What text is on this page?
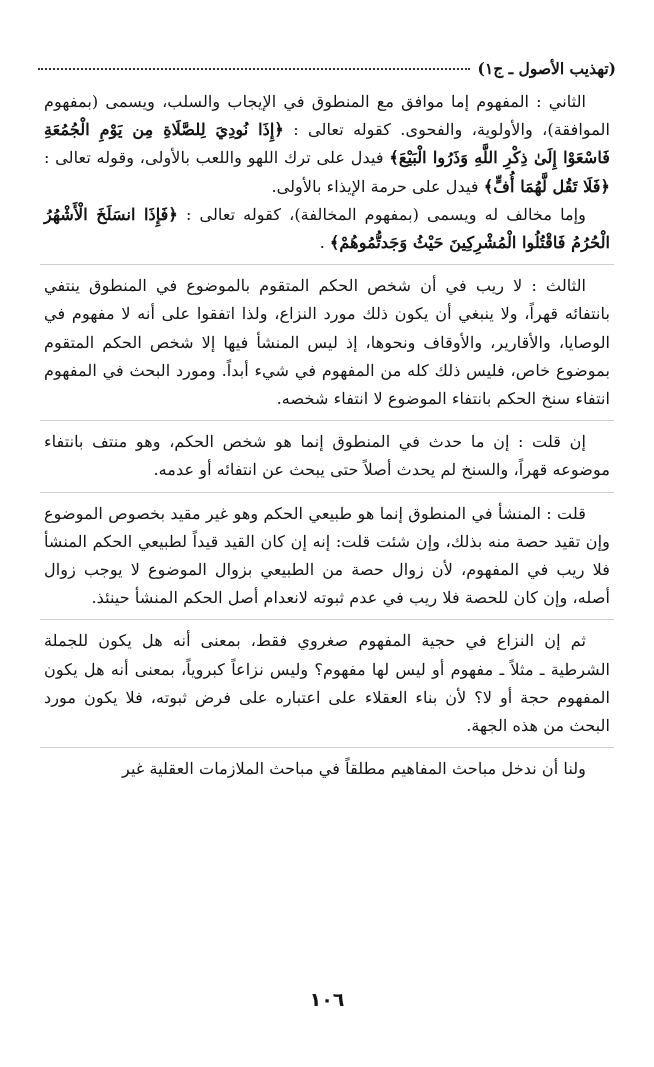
(تهذيب الأصول ـ ج١)

الثاني : المفهوم إما موافق مع المنطوق في الإيجاب والسلب، ويسمى (بمفهوم الموافقة)، والأولوية، والفحوى. كقوله تعالى : ﴿إِذَا نُودِيَ لِلصَّلَاةِ مِن يَوْمِ الْجُمُعَةِ فَاسْعَوْا إِلَىٰ ذِكْرِ اللَّهِ وَذَرُوا الْبَيْعَ﴾ فيدل على ترك اللهو واللعب بالأولى، وقوله تعالى : ﴿فَلَا تَقُل لَّهُمَا أُفٍّ﴾ فيدل على حرمة الإيذاء بالأولى.

وإما مخالف له ويسمى (بمفهوم المخالفة)، كقوله تعالى : ﴿فَإِذَا انسَلَخَ الْأَشْهُرُ الْحُرُمُ فَاقْتُلُوا الْمُشْرِكِينَ حَيْثُ وَجَدتُّمُوهُمْ﴾ .

الثالث : لا ريب في أن شخص الحكم المتقوم بالموضوع في المنطوق ينتفي بانتفائه قهراً، ولا ينبغي أن يكون ذلك مورد النزاع، ولذا اتفقوا على أنه لا مفهوم في الوصايا، والأقارير، والأوقاف ونحوها، إذ ليس المنشأ فيها إلا شخص الحكم المتقوم بموضوع خاص، فليس ذلك كله من المفهوم في شيء أبداً. ومورد البحث في المفهوم انتفاء سنخ الحكم بانتفاء الموضوع لا انتفاء شخصه.

إن قلت : إن ما حدث في المنطوق إنما هو شخص الحكم، وهو منتف بانتفاء موضوعه قهراً، والسنخ لم يحدث أصلاً حتى يبحث عن انتفائه أو عدمه.

قلت : المنشأ في المنطوق إنما هو طبيعي الحكم وهو غير مقيد بخصوص الموضوع وإن تقيد حصة منه بذلك، وإن شئت قلت: إنه إن كان القيد قيداً لطبيعي الحكم المنشأ فلا ريب في المفهوم، لأن زوال حصة من الطبيعي بزوال الموضوع لا يوجب زوال أصله، وإن كان للحصة فلا ريب في عدم ثبوته لانعدام أصل الحكم المنشأ حينئذ.

ثم إن النزاع في حجية المفهوم صغروي فقط، بمعنى أنه هل يكون للجملة الشرطية ـ مثلاً ـ مفهوم أو ليس لها مفهوم؟ وليس نزاعاً كبروياً، بمعنى أنه هل يكون المفهوم حجة أو لا؟ لأن بناء العقلاء على اعتباره على فرض ثبوته، فلا يكون مورد البحث من هذه الجهة.

ولنا أن ندخل مباحث المفاهيم مطلقاً في مباحث الملازمات العقلية غير

١٠٦
